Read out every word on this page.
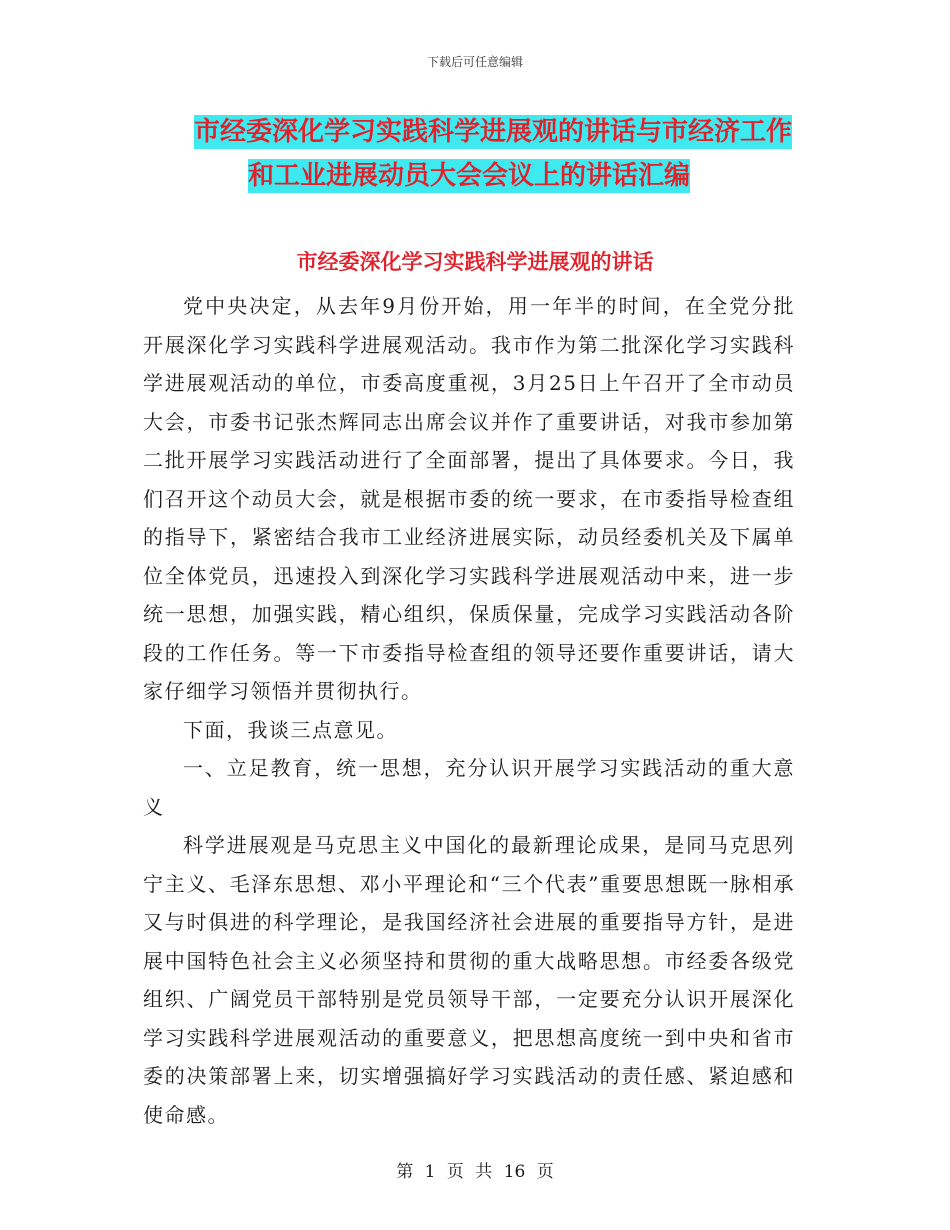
下载后可任意编辑
市经委深化学习实践科学进展观的讲话与市经济工作
和工业进展动员大会会议上的讲话汇编
市经委深化学习实践科学进展观的讲话

党中央决定，从去年9月份开始，用一年半的时间，在全党分批开展深化学习实践科学进展观活动。我市作为第二批深化学习实践科学进展观活动的单位，市委高度重视，3月25日上午召开了全市动员大会，市委书记张杰辉同志出席会议并作了重要讲话，对我市参加第二批开展学习实践活动进行了全面部署，提出了具体要求。今日，我们召开这个动员大会，就是根据市委的统一要求，在市委指导检查组的指导下，紧密结合我市工业经济进展实际，动员经委机关及下属单位全体党员，迅速投入到深化学习实践科学进展观活动中来，进一步统一思想，加强实践，精心组织，保质保量，完成学习实践活动各阶段的工作任务。等一下市委指导检查组的领导还要作重要讲话，请大家仔细学习领悟并贯彻执行。

下面，我谈三点意见。

一、立足教育，统一思想，充分认识开展学习实践活动的重大意义

科学进展观是马克思主义中国化的最新理论成果，是同马克思列宁主义、毛泽东思想、邓小平理论和“三个代表”重要思想既一脉相承又与时俱进的科学理论，是我国经济社会进展的重要指导方针，是进展中国特色社会主义必须坚持和贯彻的重大战略思想。市经委各级党组织、广阔党员干部特别是党员领导干部，一定要充分认识开展深化学习实践科学进展观活动的重要意义，把思想高度统一到中央和省市委的决策部署上来，切实增强搞好学习实践活动的责任感、紧迫感和使命感。

第 1 页 共 16 页
